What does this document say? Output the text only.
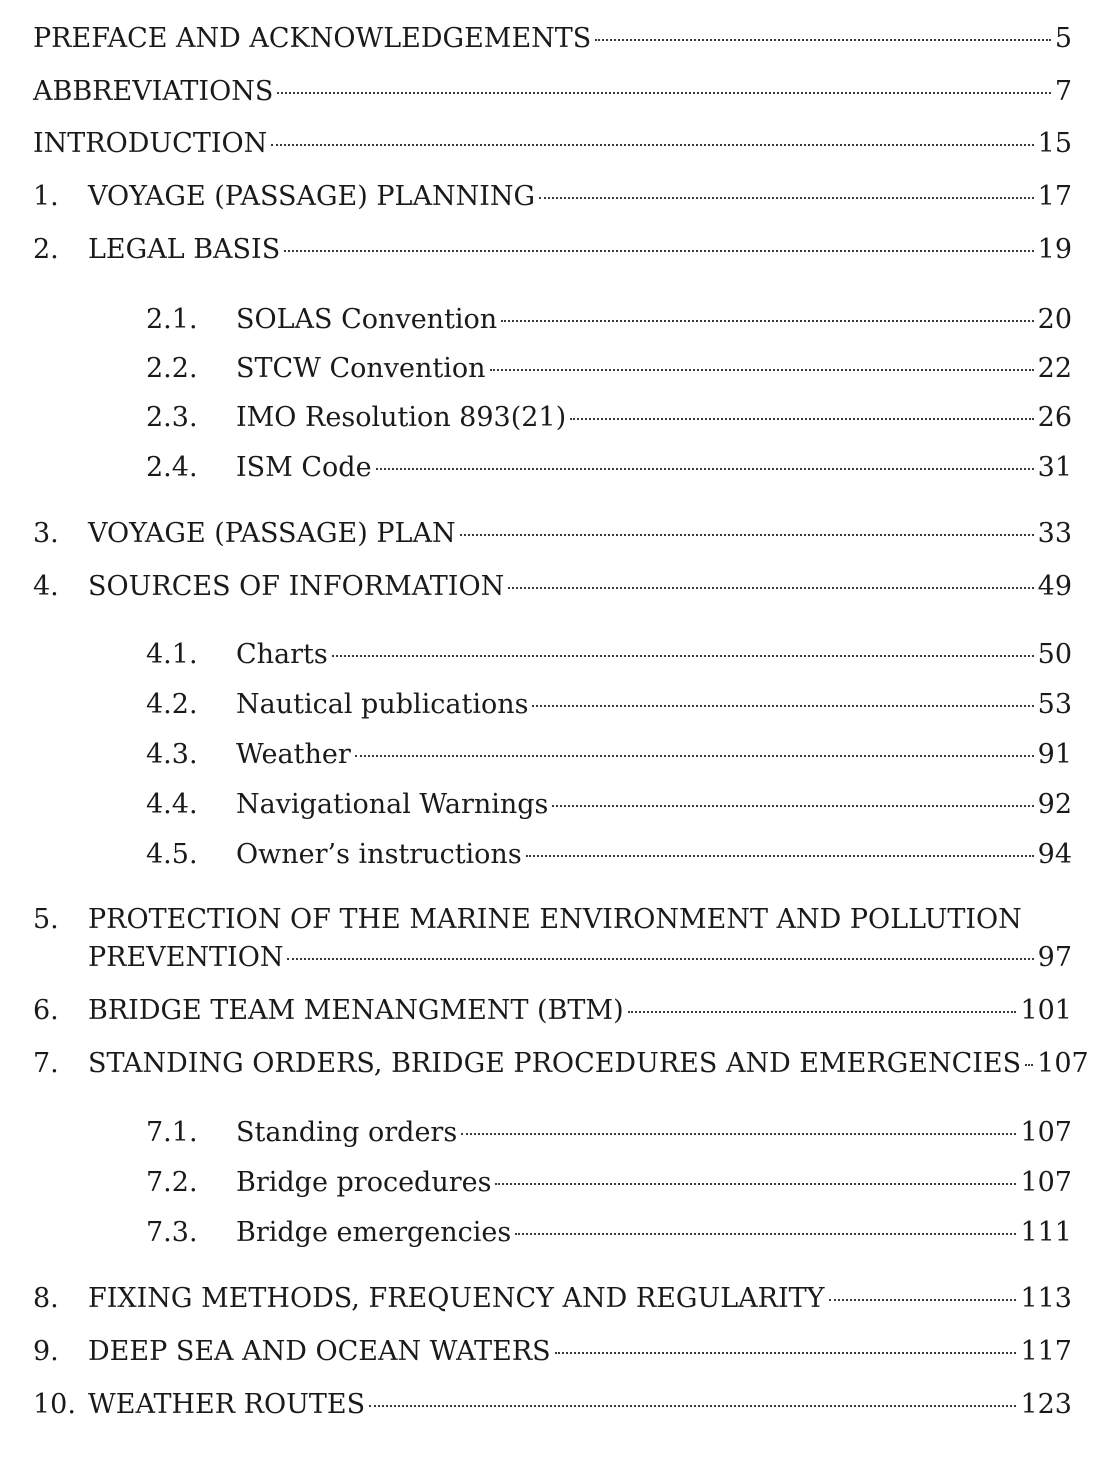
PREFACE AND ACKNOWLEDGEMENTS	5
ABBREVIATIONS	7
INTRODUCTION	15
1. VOYAGE (PASSAGE) PLANNING	17
2. LEGAL BASIS	19
2.1. SOLAS Convention	20
2.2. STCW Convention	22
2.3. IMO Resolution 893(21)	26
2.4. ISM Code	31
3. VOYAGE (PASSAGE) PLAN	33
4. SOURCES OF INFORMATION	49
4.1. Charts	50
4.2. Nautical publications	53
4.3. Weather	91
4.4. Navigational Warnings	92
4.5. Owner’s instructions	94
5. PROTECTION OF THE MARINE ENVIRONMENT AND POLLUTION
PREVENTION	97
6. BRIDGE TEAM MENANGMENT (BTM)	101
7. STANDING ORDERS, BRIDGE PROCEDURES AND EMERGENCIES 107
7.1. Standing orders	107
7.2. Bridge procedures	107
7.3. Bridge emergencies	111
8. FIXING METHODS, FREQUENCY AND REGULARITY	113
9. DEEP SEA AND OCEAN WATERS	117
10. WEATHER ROUTES	123
